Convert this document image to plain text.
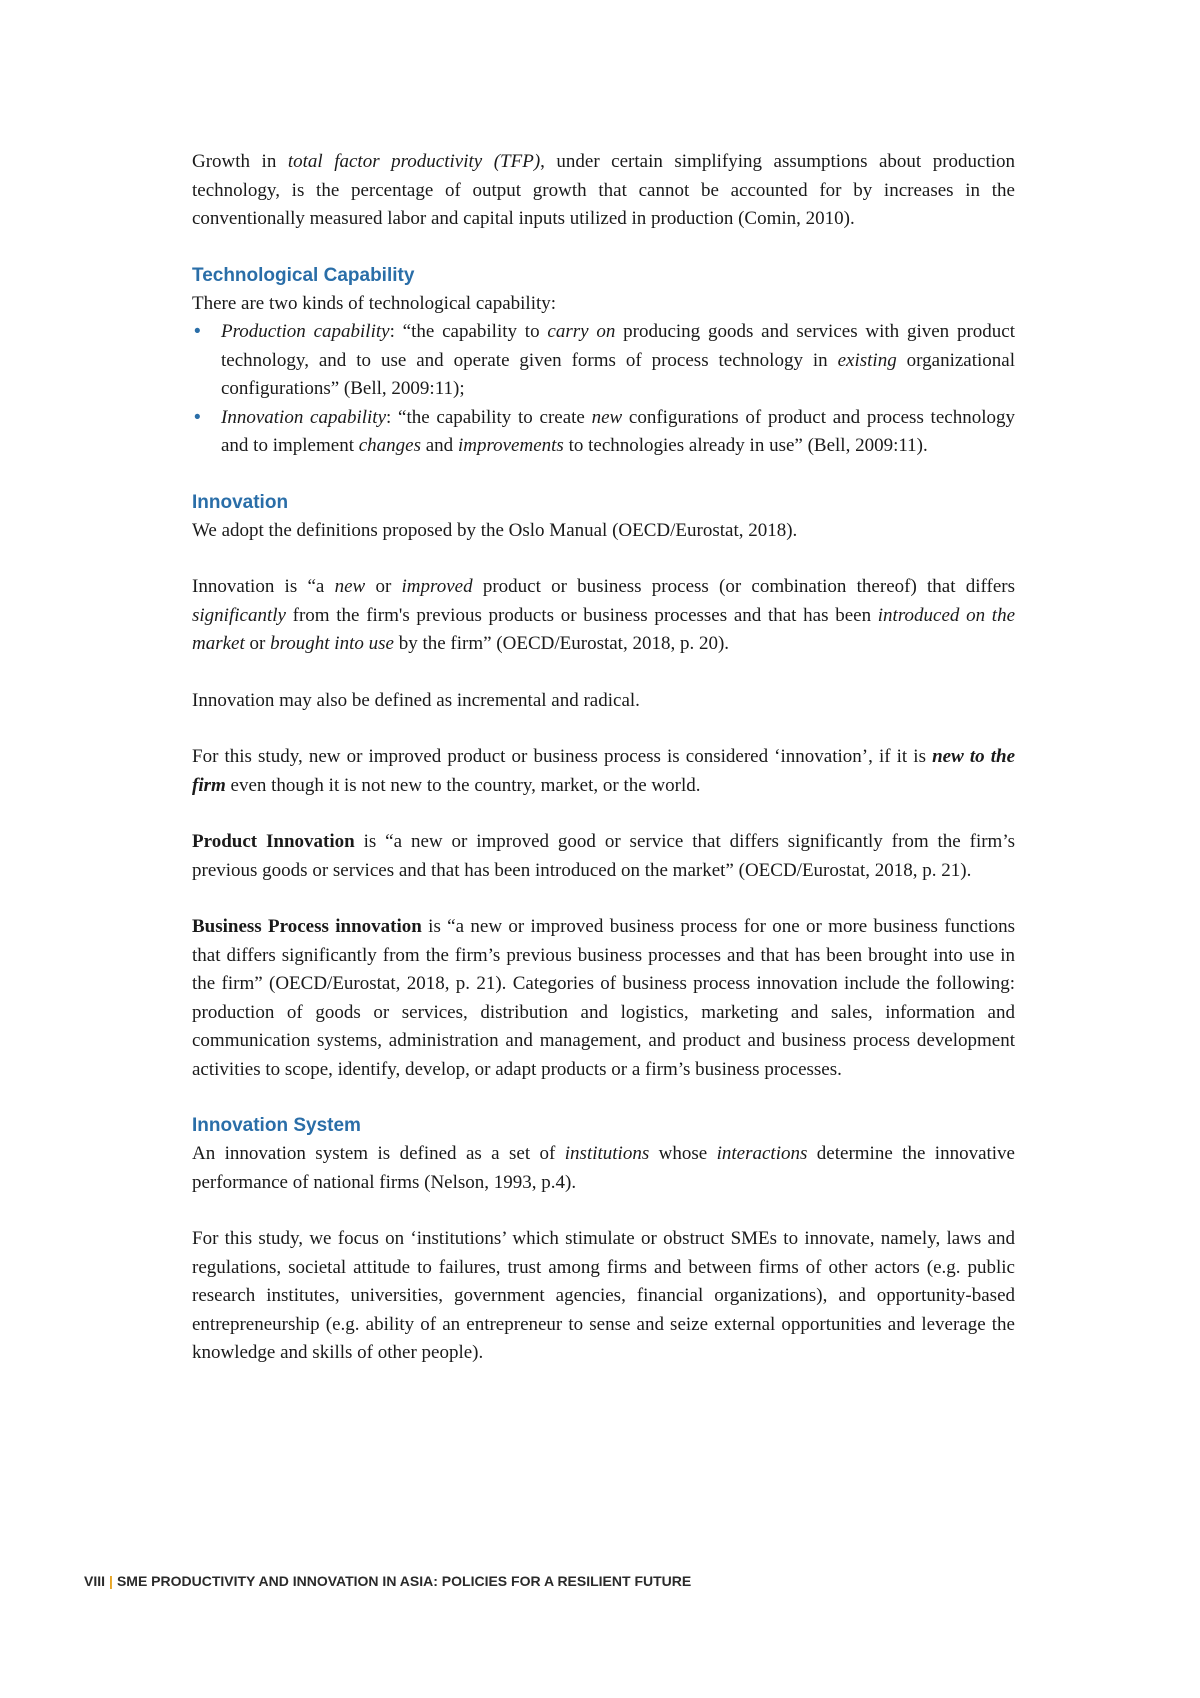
Growth in total factor productivity (TFP), under certain simplifying assumptions about production technology, is the percentage of output growth that cannot be accounted for by increases in the conventionally measured labor and capital inputs utilized in production (Comin, 2010).

Technological Capability

There are two kinds of technological capability:

• Production capability: “the capability to carry on producing goods and services with given product technology, and to use and operate given forms of process technology in existing organizational configurations” (Bell, 2009:11);
• Innovation capability: “the capability to create new configurations of product and process technology and to implement changes and improvements to technologies already in use” (Bell, 2009:11).
Innovation

We adopt the definitions proposed by the Oslo Manual (OECD/Eurostat, 2018).

Innovation is “a new or improved product or business process (or combination thereof) that differs significantly from the firm's previous products or business processes and that has been introduced on the market or brought into use by the firm” (OECD/Eurostat, 2018, p. 20).

Innovation may also be defined as incremental and radical.

For this study, new or improved product or business process is considered ‘innovation’, if it is new to the firm even though it is not new to the country, market, or the world.

Product Innovation is “a new or improved good or service that differs significantly from the firm’s previous goods or services and that has been introduced on the market” (OECD/Eurostat, 2018, p. 21).

Business Process innovation is “a new or improved business process for one or more business functions that differs significantly from the firm’s previous business processes and that has been brought into use in the firm” (OECD/Eurostat, 2018, p. 21). Categories of business process innovation include the following: production of goods or services, distribution and logistics, marketing and sales, information and communication systems, administration and management, and product and business process development activities to scope, identify, develop, or adapt products or a firm’s business processes.

Innovation System

An innovation system is defined as a set of institutions whose interactions determine the innovative performance of national firms (Nelson, 1993, p.4).

For this study, we focus on ‘institutions’ which stimulate or obstruct SMEs to innovate, namely, laws and regulations, societal attitude to failures, trust among firms and between firms of other actors (e.g. public research institutes, universities, government agencies, financial organizations), and opportunity-based entrepreneurship (e.g. ability of an entrepreneur to sense and seize external opportunities and leverage the knowledge and skills of other people).

VIII | SME PRODUCTIVITY AND INNOVATION IN ASIA: POLICIES FOR A RESILIENT FUTURE
